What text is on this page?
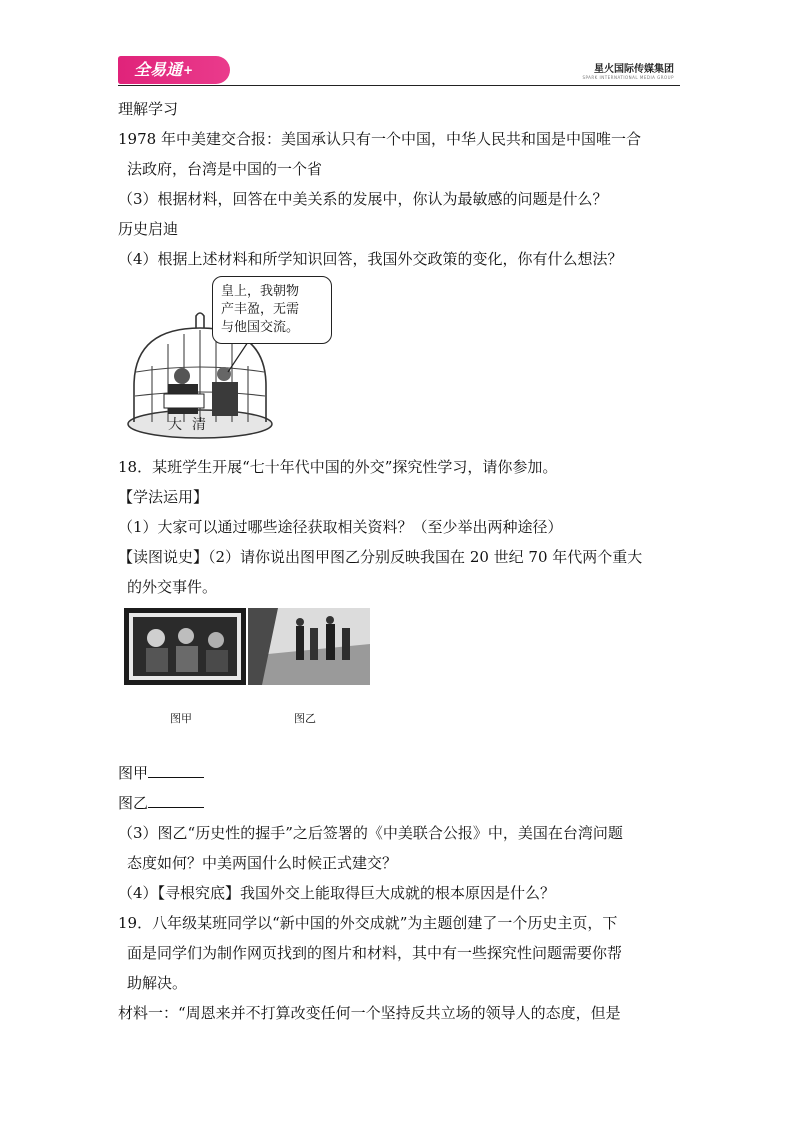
全易通+	星火国际传媒集团
SPARK INTERNATIONAL MEDIA GROUP
理解学习
1978 年中美建交合报：美国承认只有一个中国，中华人民共和国是中国唯一合
法政府，台湾是中国的一个省
（3）根据材料，回答在中美关系的发展中，你认为最敏感的问题是什么？
历史启迪
（4）根据上述材料和所学知识回答，我国外交政策的变化，你有什么想法？
皇上，我朝物
产丰盈，无需
与他国交流。
大清
18．某班学生开展“七十年代中国的外交”探究性学习，请你参加。
【学法运用】
（1）大家可以通过哪些途径获取相关资料？（至少举出两种途径）
【读图说史】（2）请你说出图甲图乙分别反映我国在 20 世纪 70 年代两个重大
的外交事件。
图甲	图乙
图甲
图乙
（3）图乙“历史性的握手”之后签署的《中美联合公报》中，美国在台湾问题
态度如何？中美两国什么时候正式建交？
（4）【寻根究底】我国外交上能取得巨大成就的根本原因是什么？
19．八年级某班同学以“新中国的外交成就”为主题创建了一个历史主页，下
面是同学们为制作网页找到的图片和材料，其中有一些探究性问题需要你帮
助解决。
材料一：“周恩来并不打算改变任何一个坚持反共立场的领导人的态度，但是
